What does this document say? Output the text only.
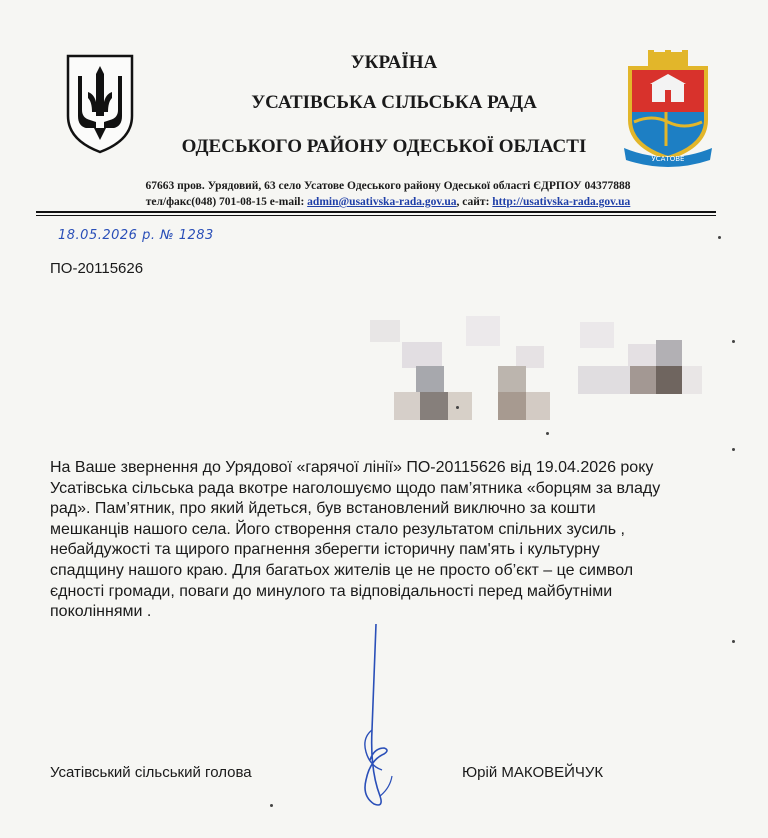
УСАТОВЕ
УКРАЇНА
УСАТІВСЬКА СІЛЬСЬКА РАДА
ОДЕСЬКОГО РАЙОНУ ОДЕСЬКОЇ ОБЛАСТІ
67663 пров. Урядовий, 63 село Усатове Одеського району Одеської області ЄДРПОУ 04377888
тел/факс(048) 701-08-15 e-mail: admin@usativska-rada.gov.ua, сайт: http://usativska-rada.gov.ua
18.05.2026 р. № 1283
ПО-20115626
На Ваше звернення до Урядової «гарячої лінії» ПО-20115626 від 19.04.2026 року
Усатівська сільська рада вкотре наголошуємо щодо пам’ятника «борцям за владу
рад». Пам’ятник, про який йдеться, був встановлений виключно за кошти
мешканців нашого села. Його створення стало результатом спільних зусиль ,
небайдужості та щирого прагнення зберегти історичну пам'ять і культурну
спадщину нашого краю. Для багатьох жителів це не просто об’єкт – це символ
єдності громади, поваги до минулого та відповідальності перед майбутніми
поколіннями .
Усатівський сільський голова	Юрій МАКОВЕЙЧУК
